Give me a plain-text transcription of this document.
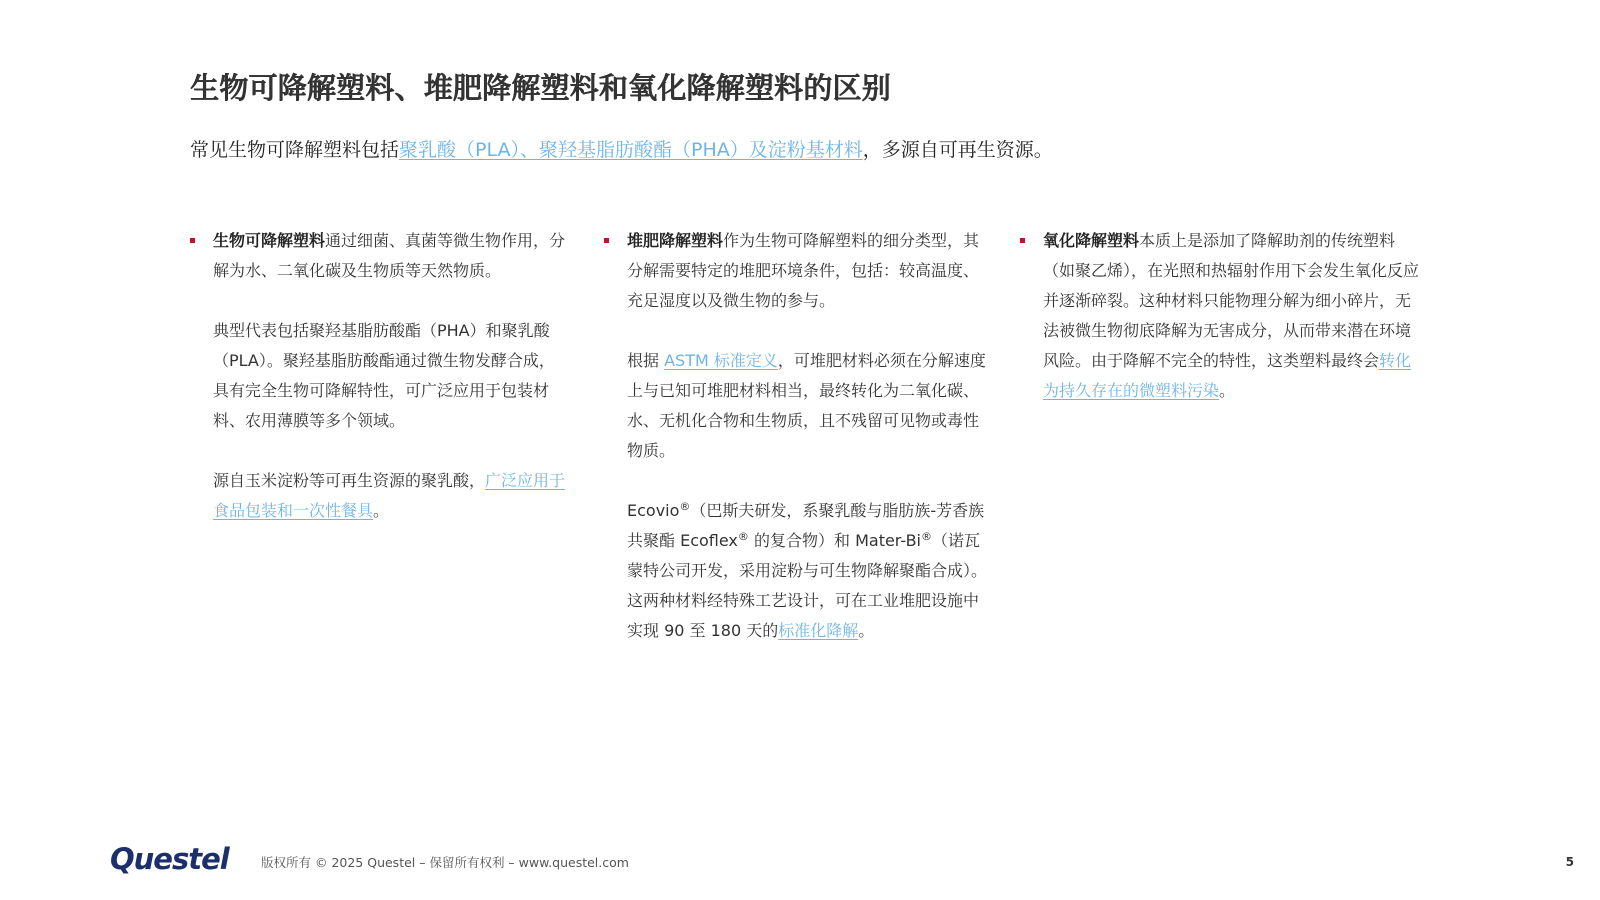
生物可降解塑料、堆肥降解塑料和氧化降解塑料的区别

常见生物可降解塑料包括聚乳酸（PLA）、聚羟基脂肪酸酯（PHA）及淀粉基材料，多源自可再生资源。

生物可降解塑料通过细菌、真菌等微生物作用，分解为水、二氧化碳及生物质等天然物质。

典型代表包括聚羟基脂肪酸酯（PHA）和聚乳酸（PLA）。聚羟基脂肪酸酯通过微生物发酵合成，具有完全生物可降解特性，可广泛应用于包装材料、农用薄膜等多个领域。

源自玉米淀粉等可再生资源的聚乳酸，广泛应用于食品包装和一次性餐具。

堆肥降解塑料作为生物可降解塑料的细分类型，其分解需要特定的堆肥环境条件，包括：较高温度、充足湿度以及微生物的参与。

根据 ASTM 标准定义，可堆肥材料必须在分解速度上与已知可堆肥材料相当，最终转化为二氧化碳、水、无机化合物和生物质，且不残留可见物或毒性物质。

Ecovio®（巴斯夫研发，系聚乳酸与脂肪族-芳香族共聚酯 Ecoflex® 的复合物）和 Mater-Bi®（诺瓦蒙特公司开发，采用淀粉与可生物降解聚酯合成）。这两种材料经特殊工艺设计，可在工业堆肥设施中实现 90 至 180 天的标准化降解。

氧化降解塑料本质上是添加了降解助剂的传统塑料（如聚乙烯），在光照和热辐射作用下会发生氧化反应并逐渐碎裂。这种材料只能物理分解为细小碎片，无法被微生物彻底降解为无害成分，从而带来潜在环境风险。由于降解不完全的特性，这类塑料最终会转化为持久存在的微塑料污染。

Questel	版权所有 © 2025 Questel – 保留所有权利 – www.questel.com	5
